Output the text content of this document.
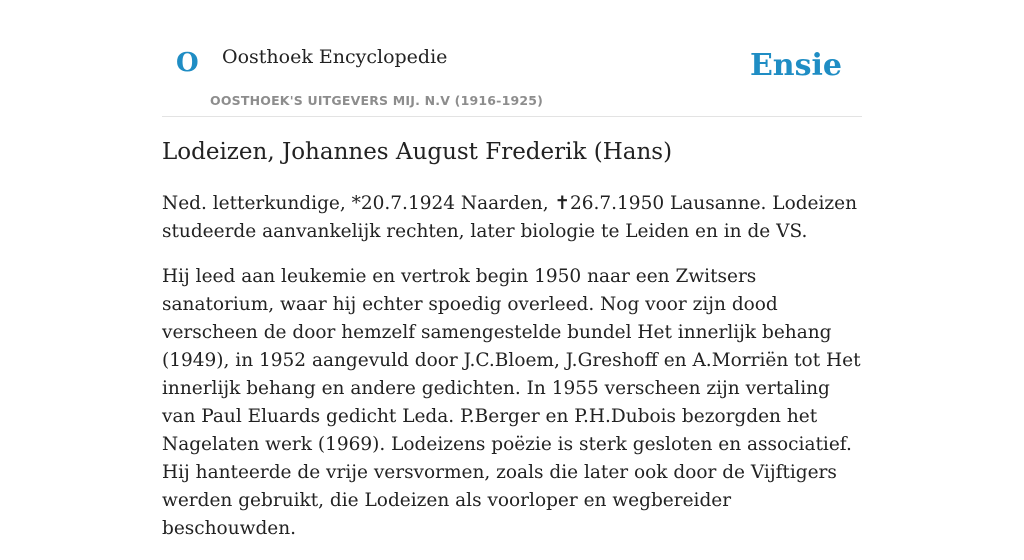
O Oosthoek Encyclopedie
OOSTHOEK'S UITGEVERS MIJ. N.V (1916-1925)
Ensie
Lodeizen, Johannes August Frederik (Hans)

Ned. letterkundige, *20.7.1924 Naarden, ✝26.7.1950 Lausanne. Lodeizen studeerde aanvankelijk rechten, later biologie te Leiden en in de VS.

Hij leed aan leukemie en vertrok begin 1950 naar een Zwitsers sanatorium, waar hij echter spoedig overleed. Nog voor zijn dood verscheen de door hemzelf samengestelde bundel Het innerlijk behang (1949), in 1952 aangevuld door J.C.Bloem, J.Greshoff en A.Morriën tot Het innerlijk behang en andere gedichten. In 1955 verscheen zijn vertaling van Paul Eluards gedicht Leda. P.Berger en P.H.Dubois bezorgden het Nagelaten werk (1969). Lodeizens poëzie is sterk gesloten en associatief. Hij hanteerde de vrije versvormen, zoals die later ook door de Vijftigers werden gebruikt, die Lodeizen als voorloper en wegbereider beschouwden.
